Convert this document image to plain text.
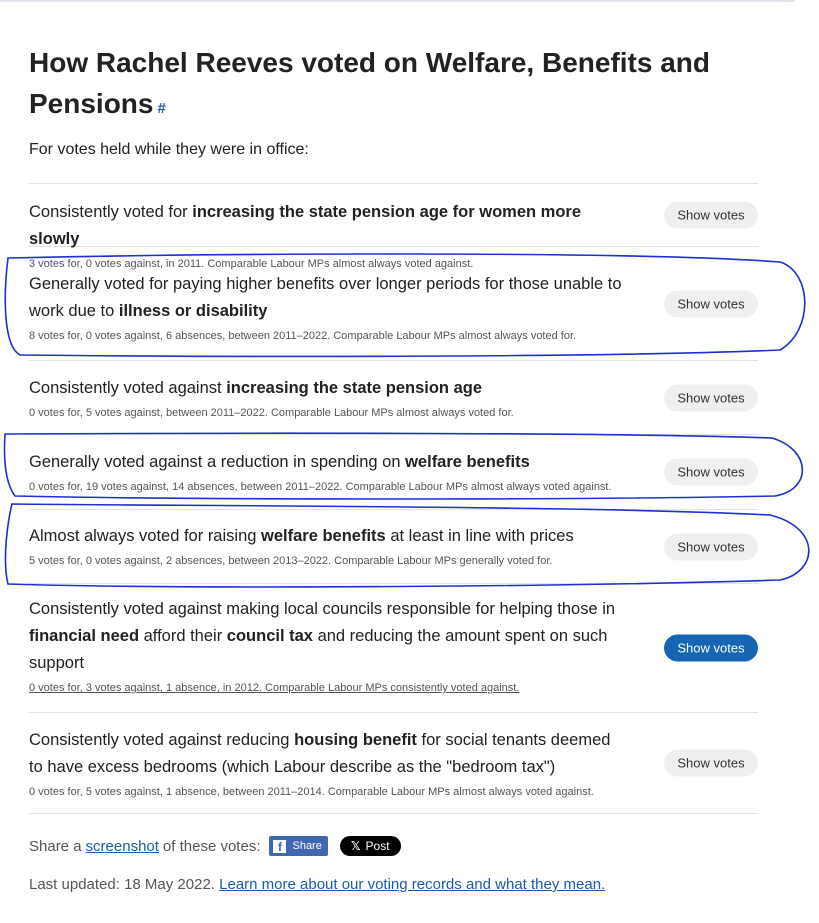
How Rachel Reeves voted on Welfare, Benefits and Pensions #

For votes held while they were in office:

Consistently voted for increasing the state pension age for women more slowly

3 votes for, 0 votes against, in 2011. Comparable Labour MPs almost always voted against.

Show votes

Generally voted for paying higher benefits over longer periods for those unable to work due to illness or disability

8 votes for, 0 votes against, 6 absences, between 2011–2022. Comparable Labour MPs almost always voted for.

Show votes

Consistently voted against increasing the state pension age

0 votes for, 5 votes against, between 2011–2022. Comparable Labour MPs almost always voted for.

Show votes

Generally voted against a reduction in spending on welfare benefits

0 votes for, 19 votes against, 14 absences, between 2011–2022. Comparable Labour MPs almost always voted against.

Show votes

Almost always voted for raising welfare benefits at least in line with prices

5 votes for, 0 votes against, 2 absences, between 2013–2022. Comparable Labour MPs generally voted for.

Show votes

Consistently voted against making local councils responsible for helping those in financial need afford their council tax and reducing the amount spent on such support

0 votes for, 3 votes against, 1 absence, in 2012. Comparable Labour MPs consistently voted against.

Show votes

Consistently voted against reducing housing benefit for social tenants deemed to have excess bedrooms (which Labour describe as the "bedroom tax")

0 votes for, 5 votes against, 1 absence, between 2011–2014. Comparable Labour MPs almost always voted against.

Show votes
Share a screenshot of these votes:	f Share 𝕏 Post
Last updated: 18 May 2022. Learn more about our voting records and what they mean.
